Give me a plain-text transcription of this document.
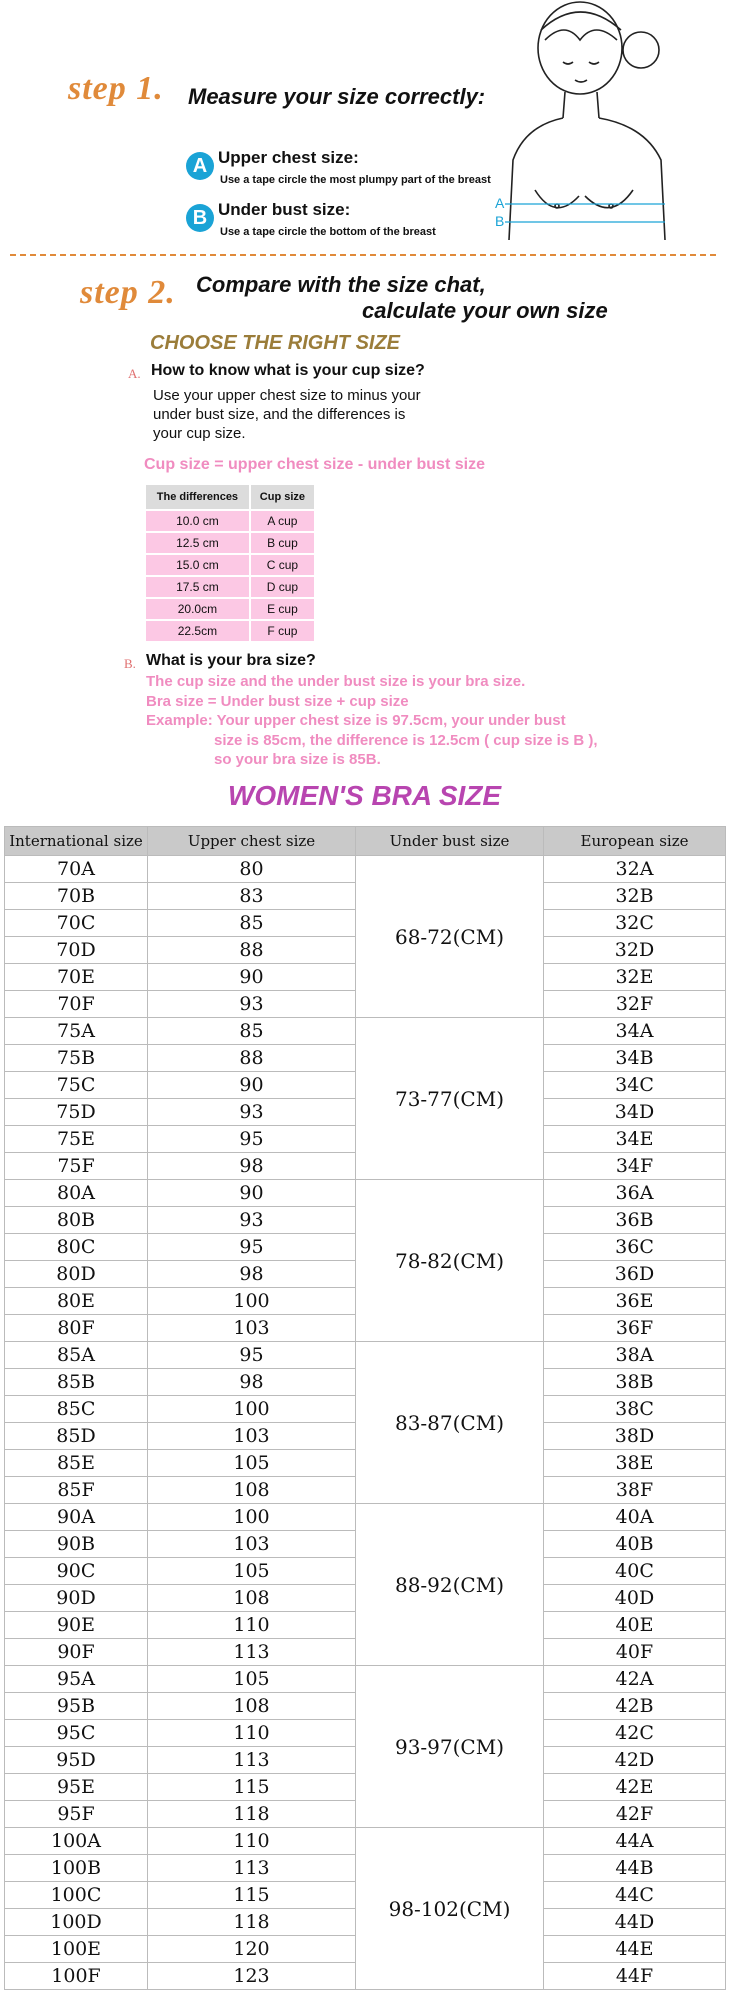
step 1. Measure your size correctly:
A Upper chest size:
Use a tape circle the most plumpy part of the breast
B Under bust size:
Use a tape circle the bottom of the breast
A
B
step 2. Compare with the size chat,
calculate your own size
CHOOSE THE RIGHT SIZE
A. How to know what is your cup size?
Use your upper chest size to minus your
under bust size, and the differences is
your cup size.
Cup size = upper chest size - under bust size
The differences	Cup size
10.0 cm	A cup
12.5 cm	B cup
15.0 cm	C cup
17.5 cm	D cup
20.0cm	E cup
22.5cm	F cup
B. What is your bra size?
The cup size and the under bust size is your bra size.
Bra size = Under bust size + cup size
Example: Your upper chest size is 97.5cm, your under bust
size is 85cm, the difference is 12.5cm ( cup size is B ),
so your bra size is 85B.
WOMEN'S BRA SIZE
International size	Upper chest size	Under bust size	European size
70A	80	68-72(CM)	32A
70B	83		32B
70C	85		32C
70D	88		32D
70E	90		32E
70F	93		32F
75A	85	73-77(CM)	34A
75B	88		34B
75C	90		34C
75D	93		34D
75E	95		34E
75F	98		34F
80A	90	78-82(CM)	36A
80B	93		36B
80C	95		36C
80D	98		36D
80E	100		36E
80F	103		36F
85A	95	83-87(CM)	38A
85B	98		38B
85C	100		38C
85D	103		38D
85E	105		38E
85F	108		38F
90A	100	88-92(CM)	40A
90B	103		40B
90C	105		40C
90D	108		40D
90E	110		40E
90F	113		40F
95A	105	93-97(CM)	42A
95B	108		42B
95C	110		42C
95D	113		42D
95E	115		42E
95F	118		42F
100A	110	98-102(CM)	44A
100B	113		44B
100C	115		44C
100D	118		44D
100E	120		44E
100F	123		44F
